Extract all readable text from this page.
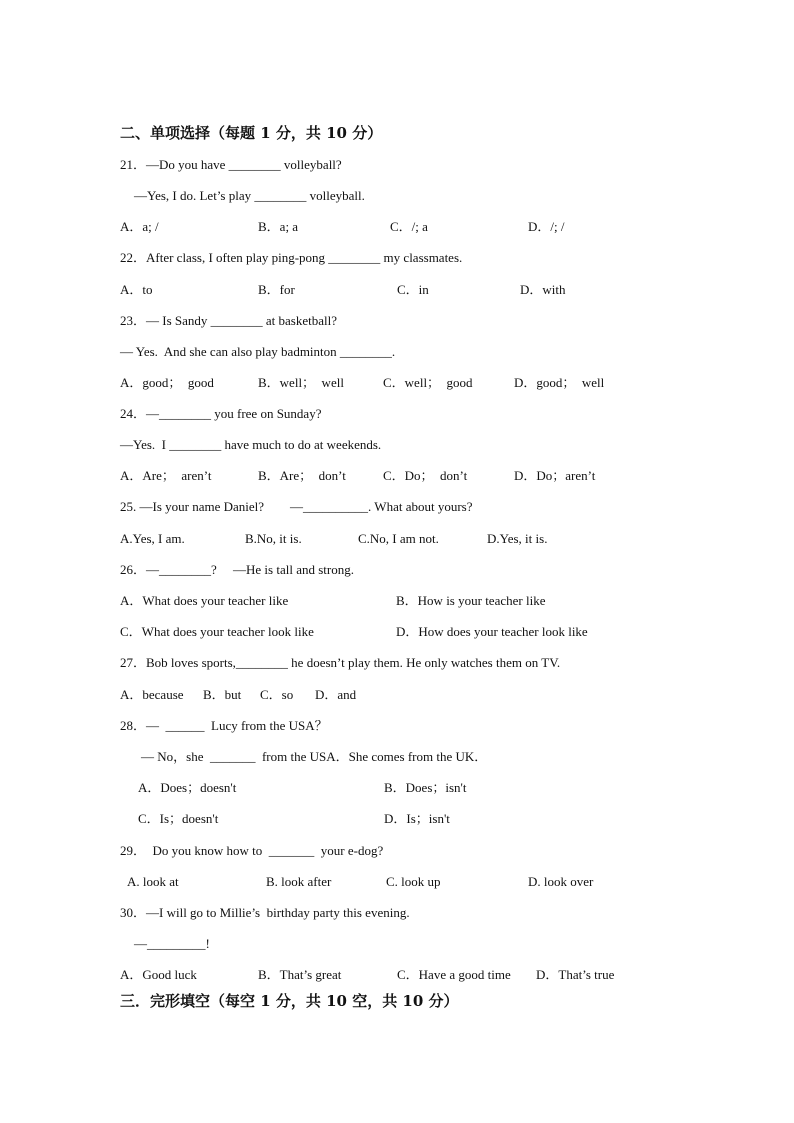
二、单项选择（每题 1 分，共 10 分）
21．—Do you have ________ volleyball?
—Yes, I do. Let’s play ________ volleyball.
A．a; /	B．a; a	C．/; a	D．/; /
22．After class, I often play ping-pong ________ my classmates.
A．to	B．for	C．in	D．with
23．— Is Sandy ________ at basketball?
— Yes.  And she can also play badminton ________.
A．good；  good	B．well；  well	C．well；  good	D．good；  well
24．—________ you free on Sunday?
—Yes.  I ________ have much to do at weekends.
A．Are；  aren’t	B．Are；  don’t	C．Do；  don’t	D．Do；aren’t
25. —Is your name Daniel?        —__________. What about yours?
A.Yes, I am.	B.No, it is.	C.No, I am not.	D.Yes, it is.
26．—________?     —He is tall and strong.
A．What does your teacher like	B．How is your teacher like
C．What does your teacher look like	D．How does your teacher look like
27．Bob loves sports,________ he doesn’t play them. He only watches them on TV.
A．because B．but C．so D．and
28．—  ______  Lucy from the USA？
— No，she  _______  from the USA．She comes from the UK．
A．Does；doesn't	B．Does；isn't
C．Is；doesn't	D．Is；isn't
29．  Do you know how to  _______  your e-dog?
A. look at	B. look after	C. look up	D. look over
30．—I will go to Millie’s  birthday party this evening.
—_________!
A．Good luck	B．That’s great	C．Have a good time D．That’s true
三．完形填空（每空 1 分，共 10 空，共 10 分）
